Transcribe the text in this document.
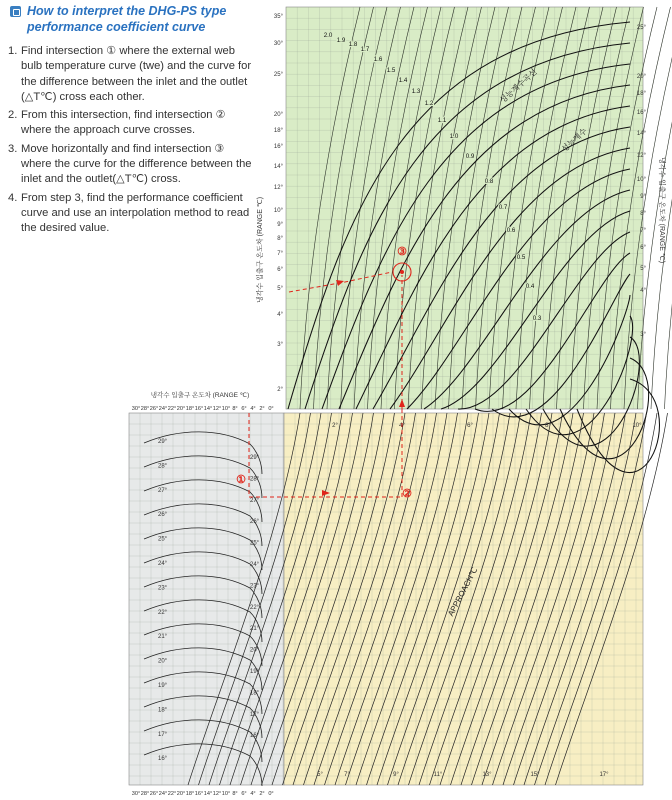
How to interpret the DHG-PS type
performance coefficient curve
1. Find intersection ① where the external web bulb temperature curve (twe) and the curve for the difference between the inlet and the outlet (△T℃) cross each other.
2. From this intersection, find intersection ② where the approach curve crosses.
3. Move horizontally and find intersection ③ where the curve for the difference between the inlet and the outlet(△T℃) cross.
4. From step 3, find the performance coefficient curve and use an interpolation method to read the desired value.
2.0
1.9
1.8
1.7
1.6
1.5
1.4
1.3
1.2
1.1
1.0
0.9
0.8
0.7
0.6
0.5
0.4
0.3
성능계수곡선
성능계수
35°
30°
25°
20°
18°
16°
14°
12°
10°
9°
8°
7°
6°
5°
4°
3°
2°
25°
20°
18°
16°
14°
12°
10°
9°
8°
7°
6°
5°
4°
3°
냉각수 입출구 온도차 (RANGE ℃)	냉각수 입출구 온도차 (RANGE ℃)
냉각수 입출구 온도차 (RANGE ℃)
30°
30°
28°
28°
26°
26°
24°
24°
22°
22°
20°
20°
18°
18°
16°
16°
14°
14°
12°
12°
10°
10°
8°
8°
6°
6°
4°
4°
2°
2°
0°
0°
29°
28°
27°
26°
25°
24°
23°
22°
21°
20°
19°
18°
17°
16°
29°
28°
27°
26°
25°
24°
23°
22°
21°
20°
19°
18°
17°
16°
2°	4°	6°	8°	10°
5°	7°	9°	11°	13°	15°	17°
APPROACH℃
①
②
③
